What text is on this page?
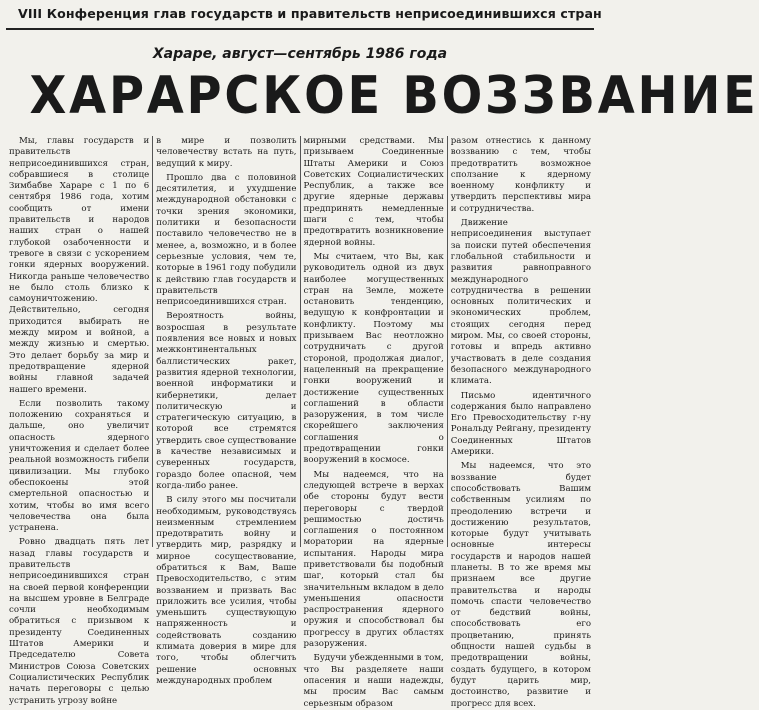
VIII Конференция глав государств и правительств неприсоединившихся стран
Хараре, август—сентябрь 1986 года
ХАРАРСКОЕ ВОЗЗВАНИЕ

Мы, главы государств и правительств неприсоединившихся стран, собравшиеся в столице Зимбабве Хараре с 1 по 6 сентября 1986 года, хотим сообщить от имени правительств и народов наших стран о нашей глубокой озабоченности и тревоге в связи с ускорением гонки ядерных вооружений. Никогда раньше человечество не было столь близко к самоуничтожению. Действительно, сегодня приходится выбирать не между миром и войной, а между жизнью и смертью. Это делает борьбу за мир и предотвращение ядерной войны главной задачей нашего времени.

Если позволить такому положению сохраняться и дальше, оно увеличит опасность ядерного уничтожения и сделает более реальной возможность гибели цивилизации. Мы глубоко обеспокоены этой смертельной опасностью и хотим, чтобы во имя всего человечества она была устранена.

Ровно двадцать пять лет назад главы государств и правительств неприсоединившихся стран на своей первой конференции на высшем уровне в Белграде сочли необходимым обратиться с призывом к президенту Соединенных Штатов Америки и Председателю Совета Министров Союза Советских Социалистических Республик начать переговоры с целью устранить угрозу войне

в мире и позволить человечеству встать на путь, ведущий к миру.

Прошло два с половиной десятилетия, и ухудшение международной обстановки с точки зрения экономики, политики и безопасности поставило человечество не в менее, а, возможно, и в более серьезные условия, чем те, которые в 1961 году побудили к действию глав государств и правительств неприсоединившихся стран.

Вероятность войны, возросшая в результате появления все новых и новых межконтинентальных баллистических ракет, развития ядерной технологии, военной информатики и кибернетики, делает политическую и стратегическую ситуацию, в которой все стремятся утвердить свое существование в качестве независимых и суверенных государств, гораздо более опасной, чем когда-либо ранее.

В силу этого мы посчитали необходимым, руководствуясь неизменным стремлением предотвратить войну и утвердить мир, разрядку и мирное сосуществование, обратиться к Вам, Ваше Превосходительство, с этим воззванием и призвать Вас приложить все усилия, чтобы уменьшить существующую напряженность и содействовать созданию климата доверия в мире для того, чтобы облегчить решение основных международных проблем

мирными средствами. Мы призываем Соединенные Штаты Америки и Союз Советских Социалистических Республик, а также все другие ядерные державы предпринять немедленные шаги с тем, чтобы предотвратить возникновение ядерной войны.

Мы считаем, что Вы, как руководитель одной из двух наиболее могущественных стран на Земле, можете остановить тенденцию, ведущую к конфронтации и конфликту. Поэтому мы призываем Вас неотложно сотрудничать с другой стороной, продолжая диалог, нацеленный на прекращение гонки вооружений и достижение существенных соглашений в области разоружения, в том числе скорейшего заключения соглашения о предотвращении гонки вооружений в космосе.

Мы надеемся, что на следующей встрече в верхах обе стороны будут вести переговоры с твердой решимостью достичь соглашения о постоянном моратории на ядерные испытания. Народы мира приветствовали бы подобный шаг, который стал бы значительным вкладом в дело уменьшения опасности распространения ядерного оружия и способствовал бы прогрессу в других областях разоружения.

Будучи убежденными в том, что Вы разделяете наши опасения и наши надежды, мы просим Вас самым серьезным образом

разом отнестись к данному воззванию с тем, чтобы предотвратить возможное сползание к ядерному военному конфликту и утвердить перспективы мира и сотрудничества.

Движение неприсоединения выступает за поиски путей обеспечения глобальной стабильности и развития равноправного международного сотрудничества в решении основных политических и экономических проблем, стоящих сегодня перед миром. Мы, со своей стороны, готовы и впредь активно участвовать в деле создания безопасного международного климата.

Письмо идентичного содержания было направлено Его Превосходительству г-ну Рональду Рейгану, президенту Соединенных Штатов Америки.

Мы надеемся, что это воззвание будет способствовать Вашим собственным усилиям по преодолению встречи и достижению результатов, которые будут учитывать основные интересы государств и народов нашей планеты. В то же время мы признаем все другие правительства и народы помочь спасти человечество от бедствий войны, способствовать его процветанию, принять общности нашей судьбы в предотвращении войны, создать будущего, в котором будут царить мир, достоинство, развитие и прогресс для всех.
